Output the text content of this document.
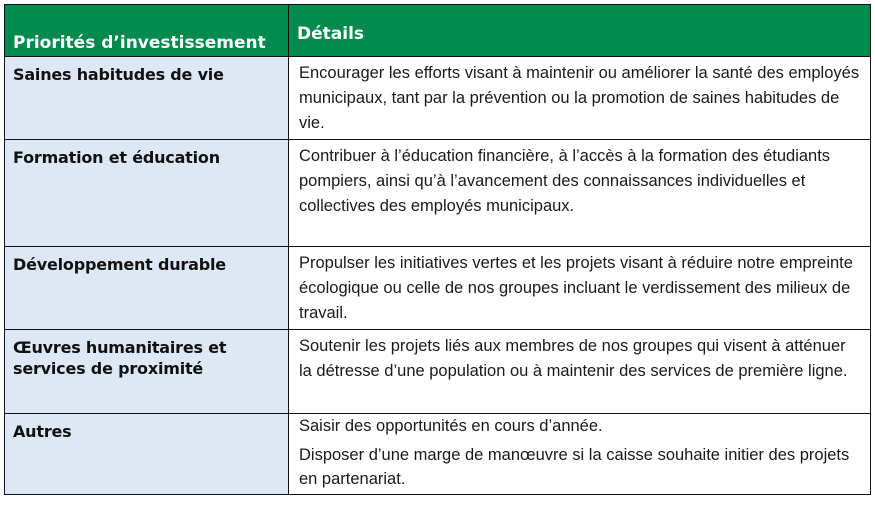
Priorités d’investissement	Détails
Saines habitudes de vie	Encourager les efforts visant à maintenir ou améliorer la santé des employés municipaux, tant par la prévention ou la promotion de saines habitudes de vie.

Formation et éducation	Contribuer à l’éducation financière, à l’accès à la formation des étudiants pompiers, ainsi qu’à l’avancement des connaissances individuelles et collectives des employés municipaux.

Développement durable	Propulser les initiatives vertes et les projets visant à réduire notre empreinte écologique ou celle de nos groupes incluant le verdissement des milieux de travail.

Œuvres humanitaires et services de proximité	Soutenir les projets liés aux membres de nos groupes qui visent à atténuer la détresse d’une population ou à maintenir des services de première ligne.

Autres	Saisir des opportunités en cours d’année.

Disposer d’une marge de manœuvre si la caisse souhaite initier des projets en partenariat.
